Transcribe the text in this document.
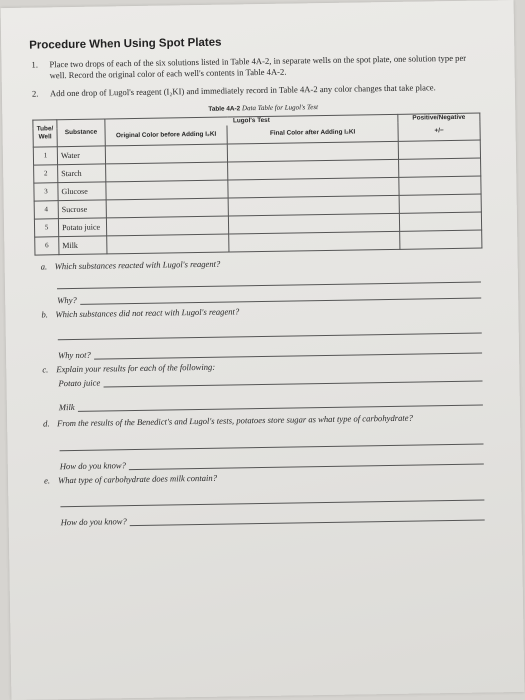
Procedure When Using Spot Plates
1.	Place two drops of each of the six solutions listed in Table 4A-2, in separate wells on the spot plate, one solution type per well. Record the original color of each well's contents in Table 4A-2.
2.	Add one drop of Lugol's reagent (I₂KI) and immediately record in Table 4A-2 any color changes that take place.
Table 4A-2 Data Table for Lugol's Test
Tube/ Well	Substance	Lugol's Test		Positive/Negative
		Original Color before Adding I₂KI	Final Color after Adding I₂KI	+/−
1	Water			
2	Starch			
3	Glucose			
4	Sucrose			
5	Potato juice			
6	Milk			
a. Which substances reacted with Lugol's reagent?
Why?
b. Which substances did not react with Lugol's reagent?
Why not?
c. Explain your results for each of the following:
Potato juice
Milk
d. From the results of the Benedict's and Lugol's tests, potatoes store sugar as what type of carbohydrate?
How do you know?
e. What type of carbohydrate does milk contain?
How do you know?
